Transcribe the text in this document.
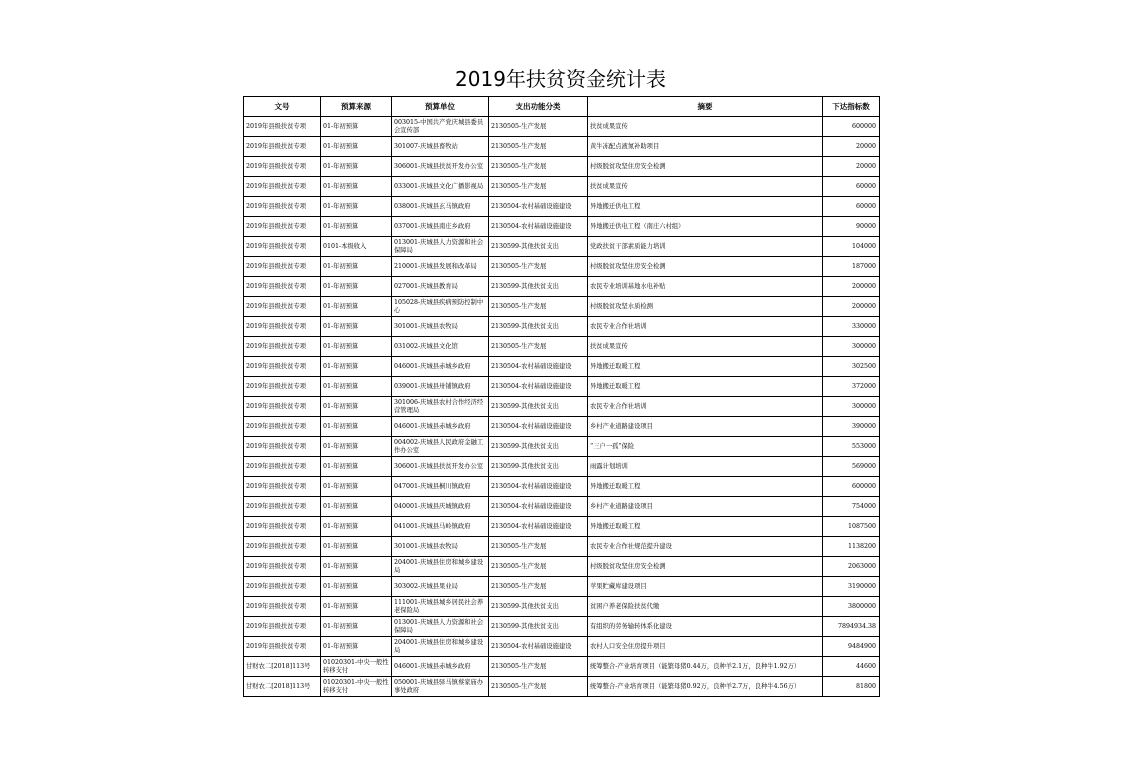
2019年扶贫资金统计表
文号	预算来源	预算单位	支出功能分类	摘要	下达指标数
2019年县级扶贫专项	01-年初预算	003015-中国共产党庆城县委员会宣传部	2130505-生产发展	扶贫成果宣传	600000
2019年县级扶贫专项	01-年初预算	301007-庆城县畜牧站	2130505-生产发展	黄牛冻配点液氮补助项目	20000
2019年县级扶贫专项	01-年初预算	306001-庆城县扶贫开发办公室	2130505-生产发展	村级脱贫攻坚住房安全检测	20000
2019年县级扶贫专项	01-年初预算	033001-庆城县文化广播影视局	2130505-生产发展	扶贫成果宣传	60000
2019年县级扶贫专项	01-年初预算	038001-庆城县玄马镇政府	2130504-农村基础设施建设	异地搬迁供电工程	60000
2019年县级扶贫专项	01-年初预算	037001-庆城县南庄乡政府	2130504-农村基础设施建设	异地搬迁供电工程（南庄六村组）	90000
2019年县级扶贫专项	0101-本级收入	013001-庆城县人力资源和社会保障局	2130599-其他扶贫支出	党政扶贫干部素质能力培训	104000
2019年县级扶贫专项	01-年初预算	210001-庆城县发展和改革局	2130505-生产发展	村级脱贫攻坚住房安全检测	187000
2019年县级扶贫专项	01-年初预算	027001-庆城县教育局	2130599-其他扶贫支出	农民专业培训基地水电补贴	200000
2019年县级扶贫专项	01-年初预算	105028-庆城县疾病预防控制中心	2130505-生产发展	村级脱贫攻坚水质检测	200000
2019年县级扶贫专项	01-年初预算	301001-庆城县农牧局	2130599-其他扶贫支出	农民专业合作社培训	330000
2019年县级扶贫专项	01-年初预算	031002-庆城县文化馆	2130505-生产发展	扶贫成果宣传	300000
2019年县级扶贫专项	01-年初预算	046001-庆城县赤城乡政府	2130504-农村基础设施建设	异地搬迁取暖工程	302500
2019年县级扶贫专项	01-年初预算	039001-庆城县卅铺镇政府	2130504-农村基础设施建设	异地搬迁取暖工程	372000
2019年县级扶贫专项	01-年初预算	301006-庆城县农村合作经济经营管理局	2130599-其他扶贫支出	农民专业合作社培训	300000
2019年县级扶贫专项	01-年初预算	046001-庆城县赤城乡政府	2130504-农村基础设施建设	乡村产业道路建设项目	390000
2019年县级扶贫专项	01-年初预算	004002-庆城县人民政府金融工作办公室	2130599-其他扶贫支出	“三户一孤”保险	553000
2019年县级扶贫专项	01-年初预算	306001-庆城县扶贫开发办公室	2130599-其他扶贫支出	雨露计划培训	569000
2019年县级扶贫专项	01-年初预算	047001-庆城县桐川镇政府	2130504-农村基础设施建设	异地搬迁取暖工程	600000
2019年县级扶贫专项	01-年初预算	040001-庆城县庆城镇政府	2130504-农村基础设施建设	乡村产业道路建设项目	754000
2019年县级扶贫专项	01-年初预算	041001-庆城县马岭镇政府	2130504-农村基础设施建设	异地搬迁取暖工程	1087500
2019年县级扶贫专项	01-年初预算	301001-庆城县农牧局	2130505-生产发展	农民专业合作社规范提升建设	1138200
2019年县级扶贫专项	01-年初预算	204001-庆城县住房和城乡建设局	2130505-生产发展	村级脱贫攻坚住房安全检测	2063000
2019年县级扶贫专项	01-年初预算	303002-庆城县果业局	2130505-生产发展	苹果贮藏库建设项目	3190000
2019年县级扶贫专项	01-年初预算	111001-庆城县城乡居民社会养老保险局	2130599-其他扶贫支出	贫困户养老保险扶贫代缴	3800000
2019年县级扶贫专项	01-年初预算	013001-庆城县人力资源和社会保障局	2130599-其他扶贫支出	有组织的劳务输转体系化建设	7894934.38
2019年县级扶贫专项	01-年初预算	204001-庆城县住房和城乡建设局	2130504-农村基础设施建设	农村人口安全住房提升项目	9484900
甘财农二[2018]113号	01020301-中央一般性转移支付	046001-庆城县赤城乡政府	2130505-生产发展	统筹整合-产业培育项目（能繁母猪0.44万，良种羊2.1万，良种牛1.92万）	44600
甘财农二[2018]113号	01020301-中央一般性转移支付	050001-庆城县驿马镇蔡家庙办事处政府	2130505-生产发展	统筹整合-产业培育项目（能繁母猪0.92万，良种羊2.7万，良种牛4.56万）	81800
